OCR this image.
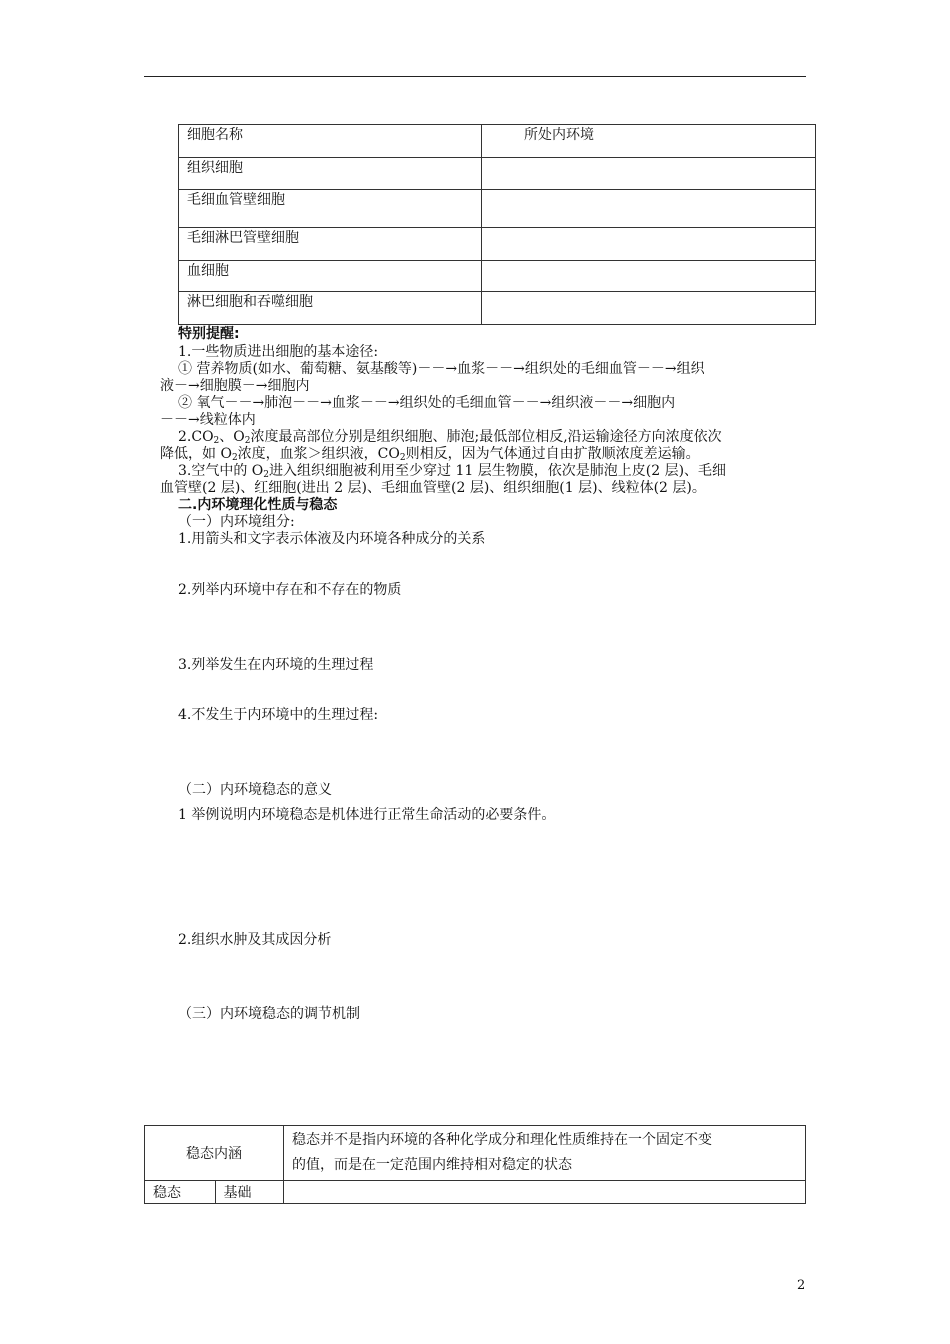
细胞名称	所处内环境
组织细胞	
毛细血管壁细胞	
毛细淋巴管壁细胞	
血细胞	
淋巴细胞和吞噬细胞	
特别提醒:
1.一些物质进出细胞的基本途径:
① 营养物质(如水、葡萄糖、氨基酸等)－－→血浆－－→组织处的毛细血管－－→组织
液－→细胞膜－→细胞内
② 氧气－－→肺泡－－→血浆－－→组织处的毛细血管－－→组织液－－→细胞内
－－→线粒体内
$2.CO_2$、$O_2$浓度最高部位分别是组织细胞、肺泡;最低部位相反,沿运输途径方向浓度依次
降低，如 $O_2$浓度，血浆＞组织液，$CO_2$则相反，因为气体通过自由扩散顺浓度差运输。
3.空气中的 $O_2$进入组织细胞被利用至少穿过 11 层生物膜，依次是肺泡上皮(2 层)、毛细
血管壁(2 层)、红细胞(进出 2 层)、毛细血管壁(2 层)、组织细胞(1 层)、线粒体(2 层)。
二.内环境理化性质与稳态
（一）内环境组分:
1.用箭头和文字表示体液及内环境各种成分的关系
2.列举内环境中存在和不存在的物质
3.列举发生在内环境的生理过程
4.不发生于内环境中的生理过程:
（二）内环境稳态的意义
1 举例说明内环境稳态是机体进行正常生命活动的必要条件。
2.组织水肿及其成因分析
（三）内环境稳态的调节机制
稳态内涵		稳态并不是指内环境的各种化学成分和理化性质维持在一个固定不变
的值，而是在一定范围内维持相对稳定的状态

稳态	基础	
2
